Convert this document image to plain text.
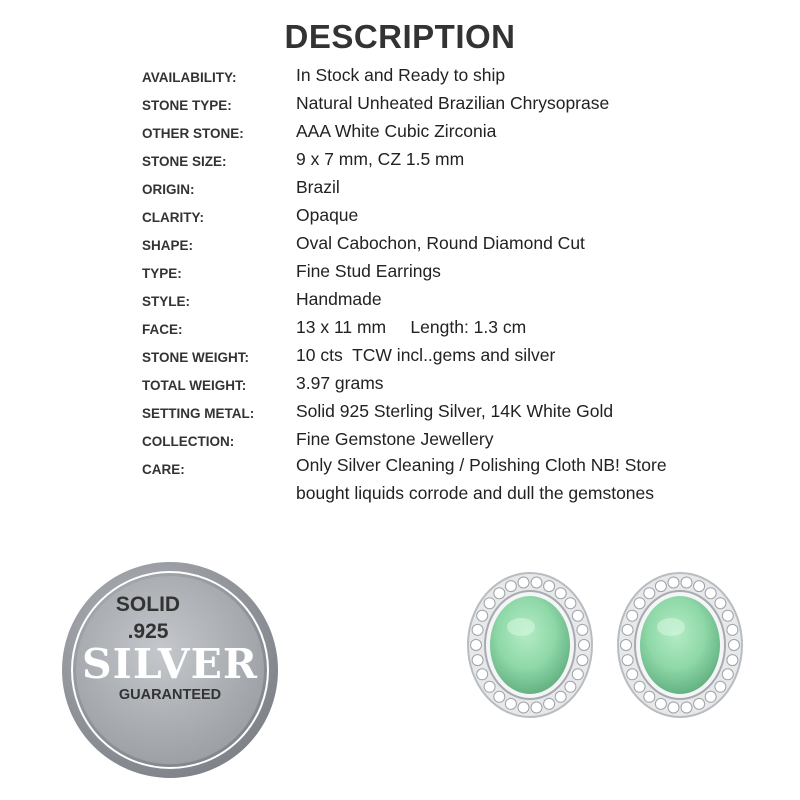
DESCRIPTION
AVAILABILITY:	In Stock and Ready to ship
STONE TYPE:	Natural Unheated Brazilian Chrysoprase
OTHER STONE:	AAA White Cubic Zirconia
STONE SIZE:	9 x 7 mm, CZ 1.5 mm
ORIGIN:	Brazil
CLARITY:	Opaque
SHAPE:	Oval Cabochon, Round Diamond Cut
TYPE:	Fine Stud Earrings
STYLE:	Handmade
FACE:	13 x 11 mm     Length: 1.3 cm
STONE WEIGHT:	10 cts  TCW incl..gems and silver
TOTAL WEIGHT:	3.97 grams
SETTING METAL: Solid 925 Sterling Silver, 14K White Gold
COLLECTION:	Fine Gemstone Jewellery
CARE:	Only Silver Cleaning / Polishing Cloth NB! Store bought liquids corrode and dull the gemstones
SOLID
.925
SILVER
GUARANTEED
